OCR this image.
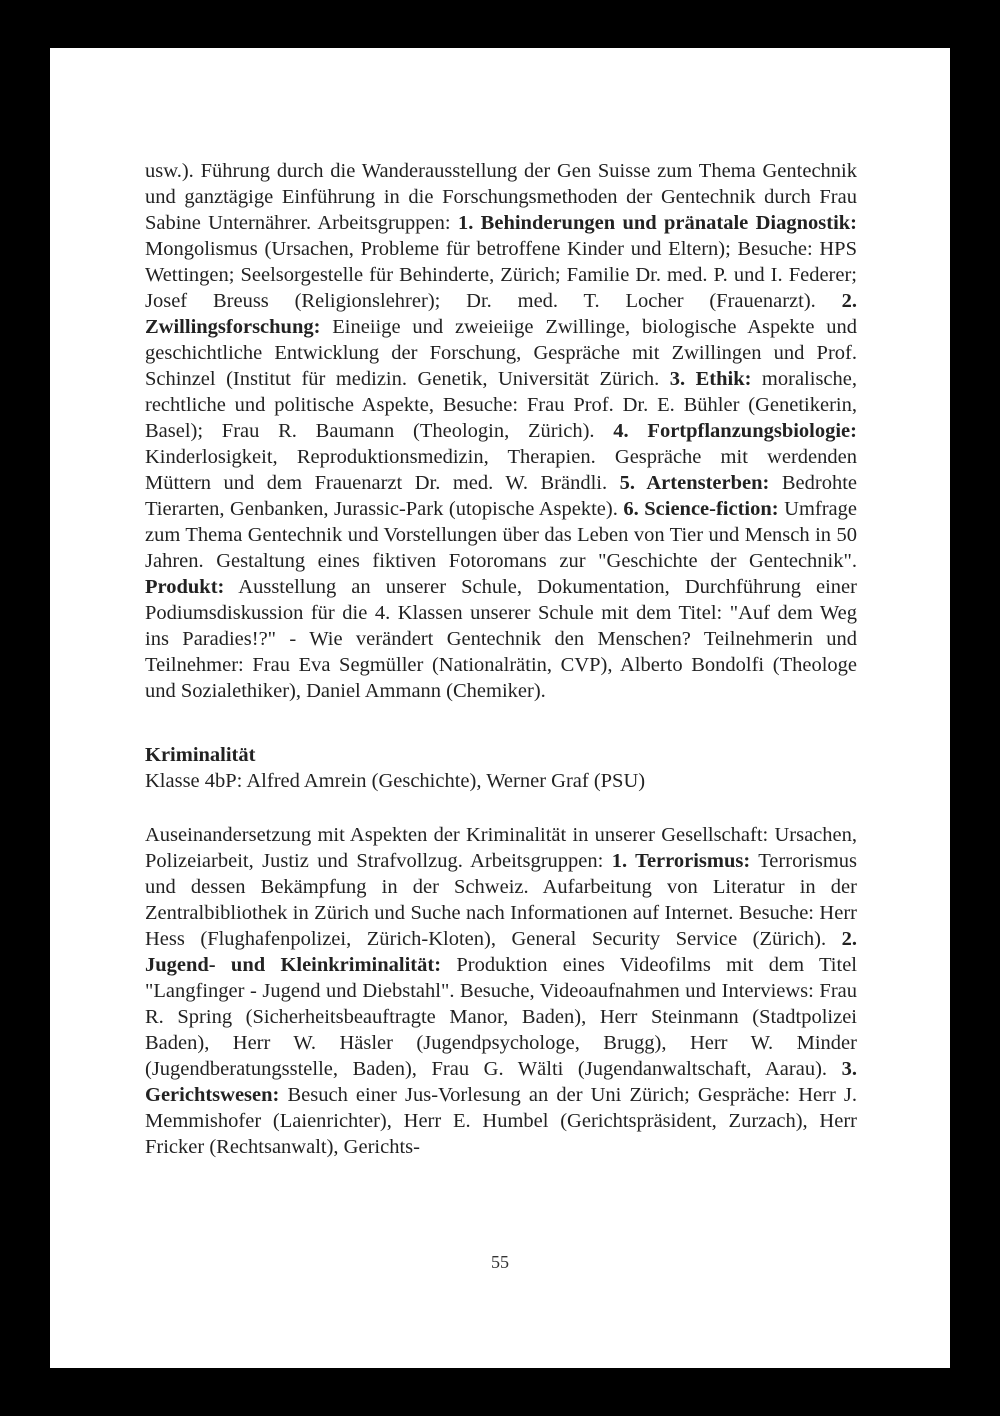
usw.). Führung durch die Wanderausstellung der Gen Suisse zum Thema Gentechnik und ganztägige Einführung in die Forschungsmethoden der Gentechnik durch Frau Sabine Unternährer. Arbeitsgruppen: 1. Behinderungen und pränatale Diagnostik: Mongolismus (Ursachen, Probleme für betroffene Kinder und Eltern); Besuche: HPS Wettingen; Seelsorgestelle für Behinderte, Zürich; Familie Dr. med. P. und I. Federer; Josef Breuss (Religionslehrer); Dr. med. T. Locher (Frauenarzt). 2. Zwillingsforschung: Eineiige und zweieiige Zwillinge, biologische Aspekte und geschichtliche Entwicklung der Forschung, Gespräche mit Zwillingen und Prof. Schinzel (Institut für medizin. Genetik, Universität Zürich. 3. Ethik: moralische, rechtliche und politische Aspekte, Besuche: Frau Prof. Dr. E. Bühler (Genetikerin, Basel); Frau R. Baumann (Theologin, Zürich). 4. Fortpflanzungsbiologie: Kinderlosigkeit, Reproduktionsmedizin, Therapien. Gespräche mit werdenden Müttern und dem Frauenarzt Dr. med. W. Brändli. 5. Artensterben: Bedrohte Tierarten, Genbanken, Jurassic-Park (utopische Aspekte). 6. Science-fiction: Umfrage zum Thema Gentechnik und Vorstellungen über das Leben von Tier und Mensch in 50 Jahren. Gestaltung eines fiktiven Fotoromans zur "Geschichte der Gentechnik". Produkt: Ausstellung an unserer Schule, Dokumentation, Durchführung einer Podiumsdiskussion für die 4. Klassen unserer Schule mit dem Titel: "Auf dem Weg ins Paradies!?" - Wie verändert Gentechnik den Menschen? Teilnehmerin und Teilnehmer: Frau Eva Segmüller (Nationalrätin, CVP), Alberto Bondolfi (Theologe und Sozialethiker), Daniel Ammann (Chemiker).

Kriminalität
Klasse 4bP: Alfred Amrein (Geschichte), Werner Graf (PSU)

Auseinandersetzung mit Aspekten der Kriminalität in unserer Gesellschaft: Ursachen, Polizeiarbeit, Justiz und Strafvollzug. Arbeitsgruppen: 1. Terrorismus: Terrorismus und dessen Bekämpfung in der Schweiz. Aufarbeitung von Literatur in der Zentralbibliothek in Zürich und Suche nach Informationen auf Internet. Besuche: Herr Hess (Flughafenpolizei, Zürich-Kloten), General Security Service (Zürich). 2. Jugend- und Kleinkriminalität: Produktion eines Videofilms mit dem Titel "Langfinger - Jugend und Diebstahl". Besuche, Videoaufnahmen und Interviews: Frau R. Spring (Sicherheitsbeauftragte Manor, Baden), Herr Steinmann (Stadtpolizei Baden), Herr W. Häsler (Jugendpsychologe, Brugg), Herr W. Minder (Jugendberatungsstelle, Baden), Frau G. Wälti (Jugendanwaltschaft, Aarau). 3. Gerichtswesen: Besuch einer Jus-Vorlesung an der Uni Zürich; Gespräche: Herr J. Memmishofer (Laienrichter), Herr E. Humbel (Gerichtspräsident, Zurzach), Herr Fricker (Rechtsanwalt), Gerichts-

55
